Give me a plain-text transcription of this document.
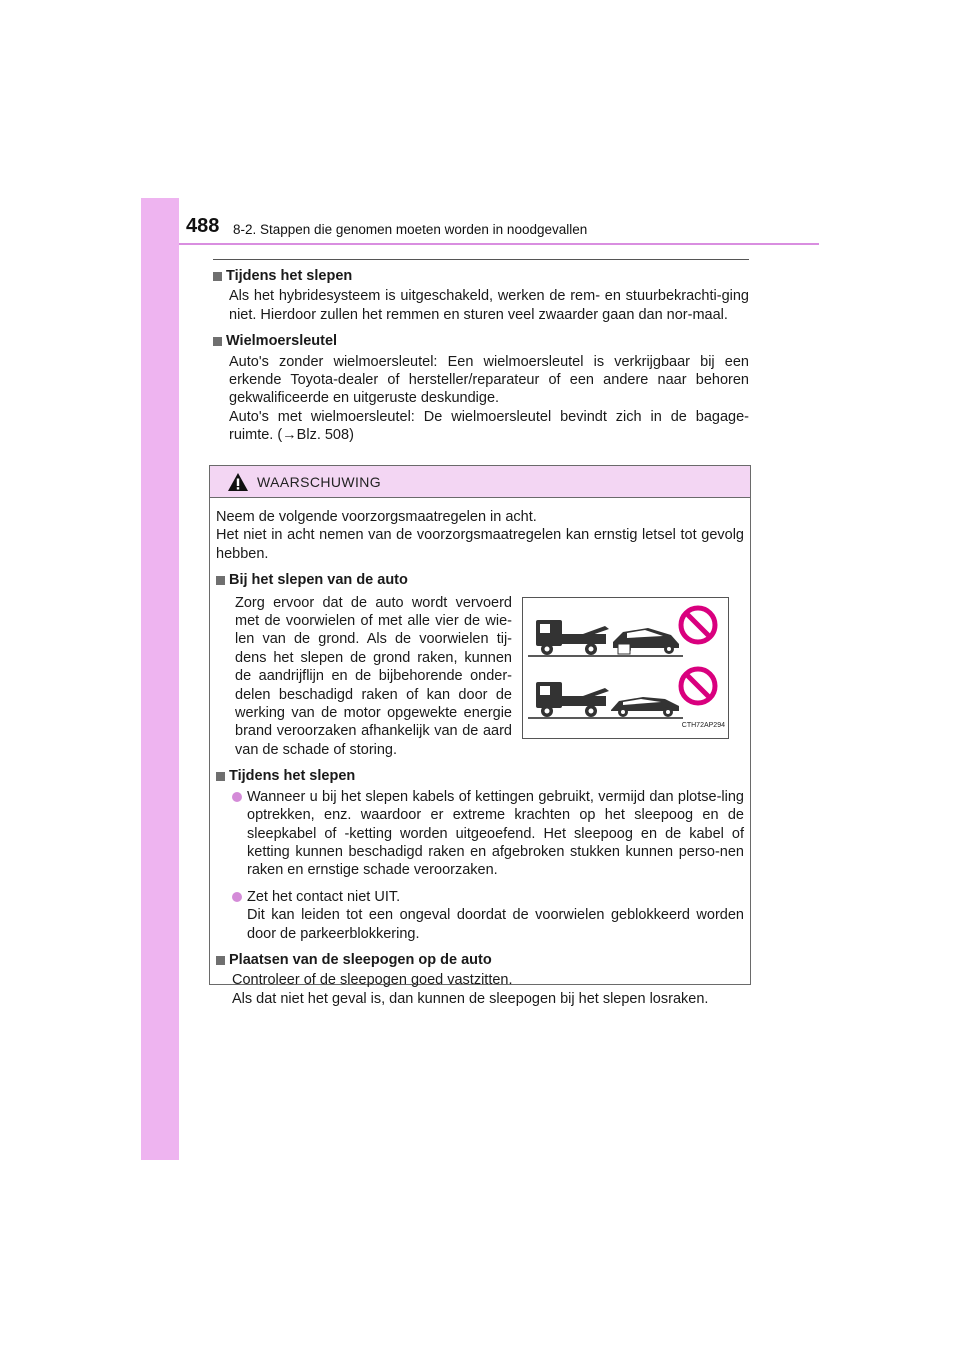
488 8-2. Stappen die genomen moeten worden in noodgevallen
Tijdens het slepen

Als het hybridesysteem is uitgeschakeld, werken de rem- en stuurbekrachti-ging niet. Hierdoor zullen het remmen en sturen veel zwaarder gaan dan nor-maal.

Wielmoersleutel

Auto's zonder wielmoersleutel: Een wielmoersleutel is verkrijgbaar bij een erkende Toyota-dealer of hersteller/reparateur of een andere naar behoren gekwalificeerde en uitgeruste deskundige.

Auto's met wielmoersleutel: De wielmoersleutel bevindt zich in de bagage-ruimte. (→Blz. 508)

WAARSCHUWING

Neem de volgende voorzorgsmaatregelen in acht.

Het niet in acht nemen van de voorzorgsmaatregelen kan ernstig letsel tot gevolg hebben.

Bij het slepen van de auto
Zorg ervoor dat de auto wordt vervoerd met de voorwielen of met alle vier de wie-len van de grond. Als de voorwielen tij-dens het slepen de grond raken, kunnen de aandrijflijn en de bijbehorende onder-delen beschadigd raken of kan door de werking van de motor opgewekte energie brand veroorzaken afhankelijk van de aard van de schade of storing.
CTH72AP294
Tijdens het slepen
Wanneer u bij het slepen kabels of kettingen gebruikt, vermijd dan plotse-ling optrekken, enz. waardoor er extreme krachten op het sleepoog en de sleepkabel of -ketting worden uitgeoefend. Het sleepoog en de kabel of ketting kunnen beschadigd raken en afgebroken stukken kunnen perso-nen raken en ernstige schade veroorzaken.
Zet het contact niet UIT.
Dit kan leiden tot een ongeval doordat de voorwielen geblokkeerd worden door de parkeerblokkering.
Plaatsen van de sleepogen op de auto

Controleer of de sleepogen goed vastzitten.

Als dat niet het geval is, dan kunnen de sleepogen bij het slepen losraken.
